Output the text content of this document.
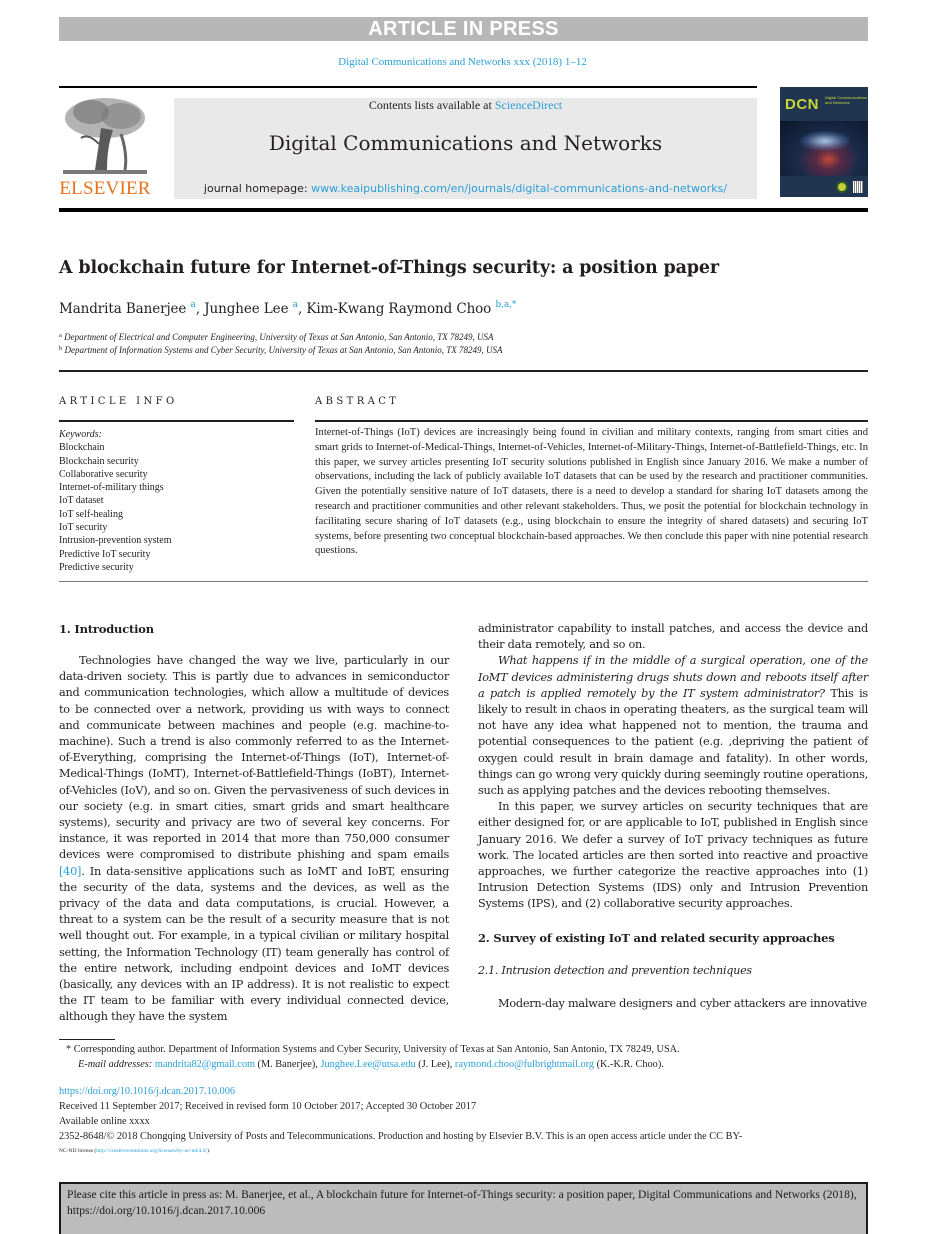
ARTICLE IN PRESS
Digital Communications and Networks xxx (2018) 1–12
ELSEVIER
Contents lists available at ScienceDirect
Digital Communications and Networks
journal homepage: www.keaipublishing.com/en/journals/digital-communications-and-networks/
DCN Digital Communications and Networks
A blockchain future for Internet-of-Things security: a position paper
Mandrita Banerjee $^a$, Junghee Lee $^a$, Kim-Kwang Raymond Choo $^{b,a,*}$
$^a$ Department of Electrical and Computer Engineering, University of Texas at San Antonio, San Antonio, TX 78249, USA
$^b$ Department of Information Systems and Cyber Security, University of Texas at San Antonio, San Antonio, TX 78249, USA
ARTICLE INFO	ABSTRACT
Keywords:
Blockchain
Blockchain security
Collaborative security
Internet-of-military things
IoT dataset
IoT self-healing
IoT security
Intrusion-prevention system
Predictive IoT security
Predictive security
Internet-of-Things (IoT) devices are increasingly being found in civilian and military contexts, ranging from smart cities and smart grids to Internet-of-Medical-Things, Internet-of-Vehicles, Internet-of-Military-Things, Internet-of-Battlefield-Things, etc. In this paper, we survey articles presenting IoT security solutions published in English since January 2016. We make a number of observations, including the lack of publicly available IoT datasets that can be used by the research and practitioner communities. Given the potentially sensitive nature of IoT datasets, there is a need to develop a standard for sharing IoT datasets among the research and practitioner communities and other relevant stakeholders. Thus, we posit the potential for blockchain technology in facilitating secure sharing of IoT datasets (e.g., using blockchain to ensure the integrity of shared datasets) and securing IoT systems, before presenting two conceptual blockchain-based approaches. We then conclude this paper with nine potential research questions.
1. Introduction

Technologies have changed the way we live, particularly in our data-driven society. This is partly due to advances in semiconductor and communication technologies, which allow a multitude of devices to be connected over a network, providing us with ways to connect and communicate between machines and people (e.g. machine-to-machine). Such a trend is also commonly referred to as the Internet-of-Everything, comprising the Internet-of-Things (IoT), Internet-of-Medical-Things (IoMT), Internet-of-Battlefield-Things (IoBT), Internet-of-Vehicles (IoV), and so on. Given the pervasiveness of such devices in our society (e.g. in smart cities, smart grids and smart healthcare systems), security and privacy are two of several key concerns. For instance, it was reported in 2014 that more than 750,000 consumer devices were compromised to distribute phishing and spam emails [40]. In data-sensitive applications such as IoMT and IoBT, ensuring the security of the data, systems and the devices, as well as the privacy of the data and data computations, is crucial. However, a threat to a system can be the result of a security measure that is not well thought out. For example, in a typical civilian or military hospital setting, the Information Technology (IT) team generally has control of the entire network, including endpoint devices and IoMT devices (basically, any devices with an IP address). It is not realistic to expect the IT team to be familiar with every individual connected device, although they have the system

administrator capability to install patches, and access the device and their data remotely, and so on.

What happens if in the middle of a surgical operation, one of the IoMT devices administering drugs shuts down and reboots itself after a patch is applied remotely by the IT system administrator? This is likely to result in chaos in operating theaters, as the surgical team will not have any idea what happened not to mention, the trauma and potential consequences to the patient (e.g. ,depriving the patient of oxygen could result in brain damage and fatality). In other words, things can go wrong very quickly during seemingly routine operations, such as applying patches and the devices rebooting themselves.

In this paper, we survey articles on security techniques that are either designed for, or are applicable to IoT, published in English since January 2016. We defer a survey of IoT privacy techniques as future work. The located articles are then sorted into reactive and proactive approaches, we further categorize the reactive approaches into (1) Intrusion Detection Systems (IDS) only and Intrusion Prevention Systems (IPS), and (2) collaborative security approaches.

2. Survey of existing IoT and related security approaches
2.1. Intrusion detection and prevention techniques

Modern-day malware designers and cyber attackers are innovative

* Corresponding author. Department of Information Systems and Cyber Security, University of Texas at San Antonio, San Antonio, TX 78249, USA.
E-mail addresses: mandrita82@gmail.com (M. Banerjee), Junghee.Lee@utsa.edu (J. Lee), raymond.choo@fulbrightmail.org (K.-K.R. Choo).
https://doi.org/10.1016/j.dcan.2017.10.006
Received 11 September 2017; Received in revised form 10 October 2017; Accepted 30 October 2017
Available online xxxx
2352-8648/© 2018 Chongqing University of Posts and Telecommunications. Production and hosting by Elsevier B.V. This is an open access article under the CC BY-
NC-ND license (http://creativecommons.org/licenses/by-nc-nd/4.0/).
Please cite this article in press as: M. Banerjee, et al., A blockchain future for Internet-of-Things security: a position paper, Digital Communications and Networks (2018), https://doi.org/10.1016/j.dcan.2017.10.006
